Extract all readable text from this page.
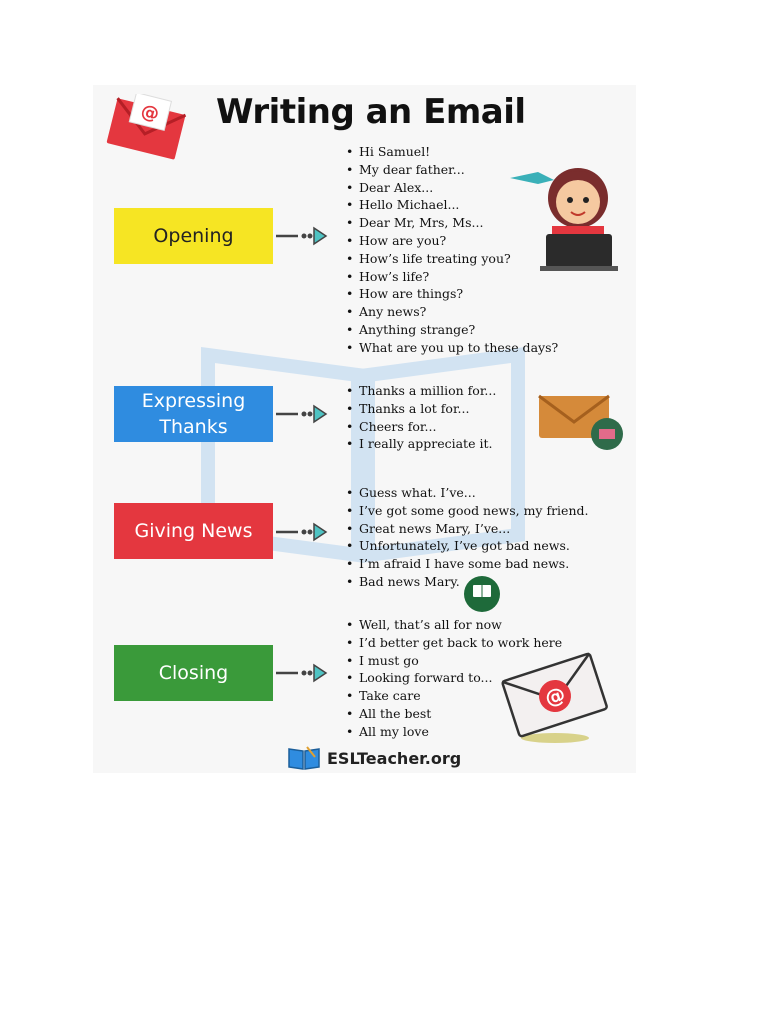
@ Writing an Email
Opening
• Hi Samuel!
• My dear father...
• Dear Alex...
• Hello Michael...
• Dear Mr, Mrs, Ms...
• How are you?
• How’s life treating you?
• How’s life?
• How are things?
• Any news?
• Anything strange?
• What are you up to these days?
Expressing
Thanks
• Thanks a million for...
• Thanks a lot for...
• Cheers for...
• I really appreciate it.
Giving News
• Guess what. I’ve...
• I’ve got some good news, my friend.
• Great news Mary, I’ve...
• Unfortunately, I’ve got bad news.
• I’m afraid I have some bad news.
• Bad news Mary.
Closing
• Well, that’s all for now
• I’d better get back to work here
• I must go
• Looking forward to...
• Take care
• All the best
• All my love
@
ESLTeacher.org
